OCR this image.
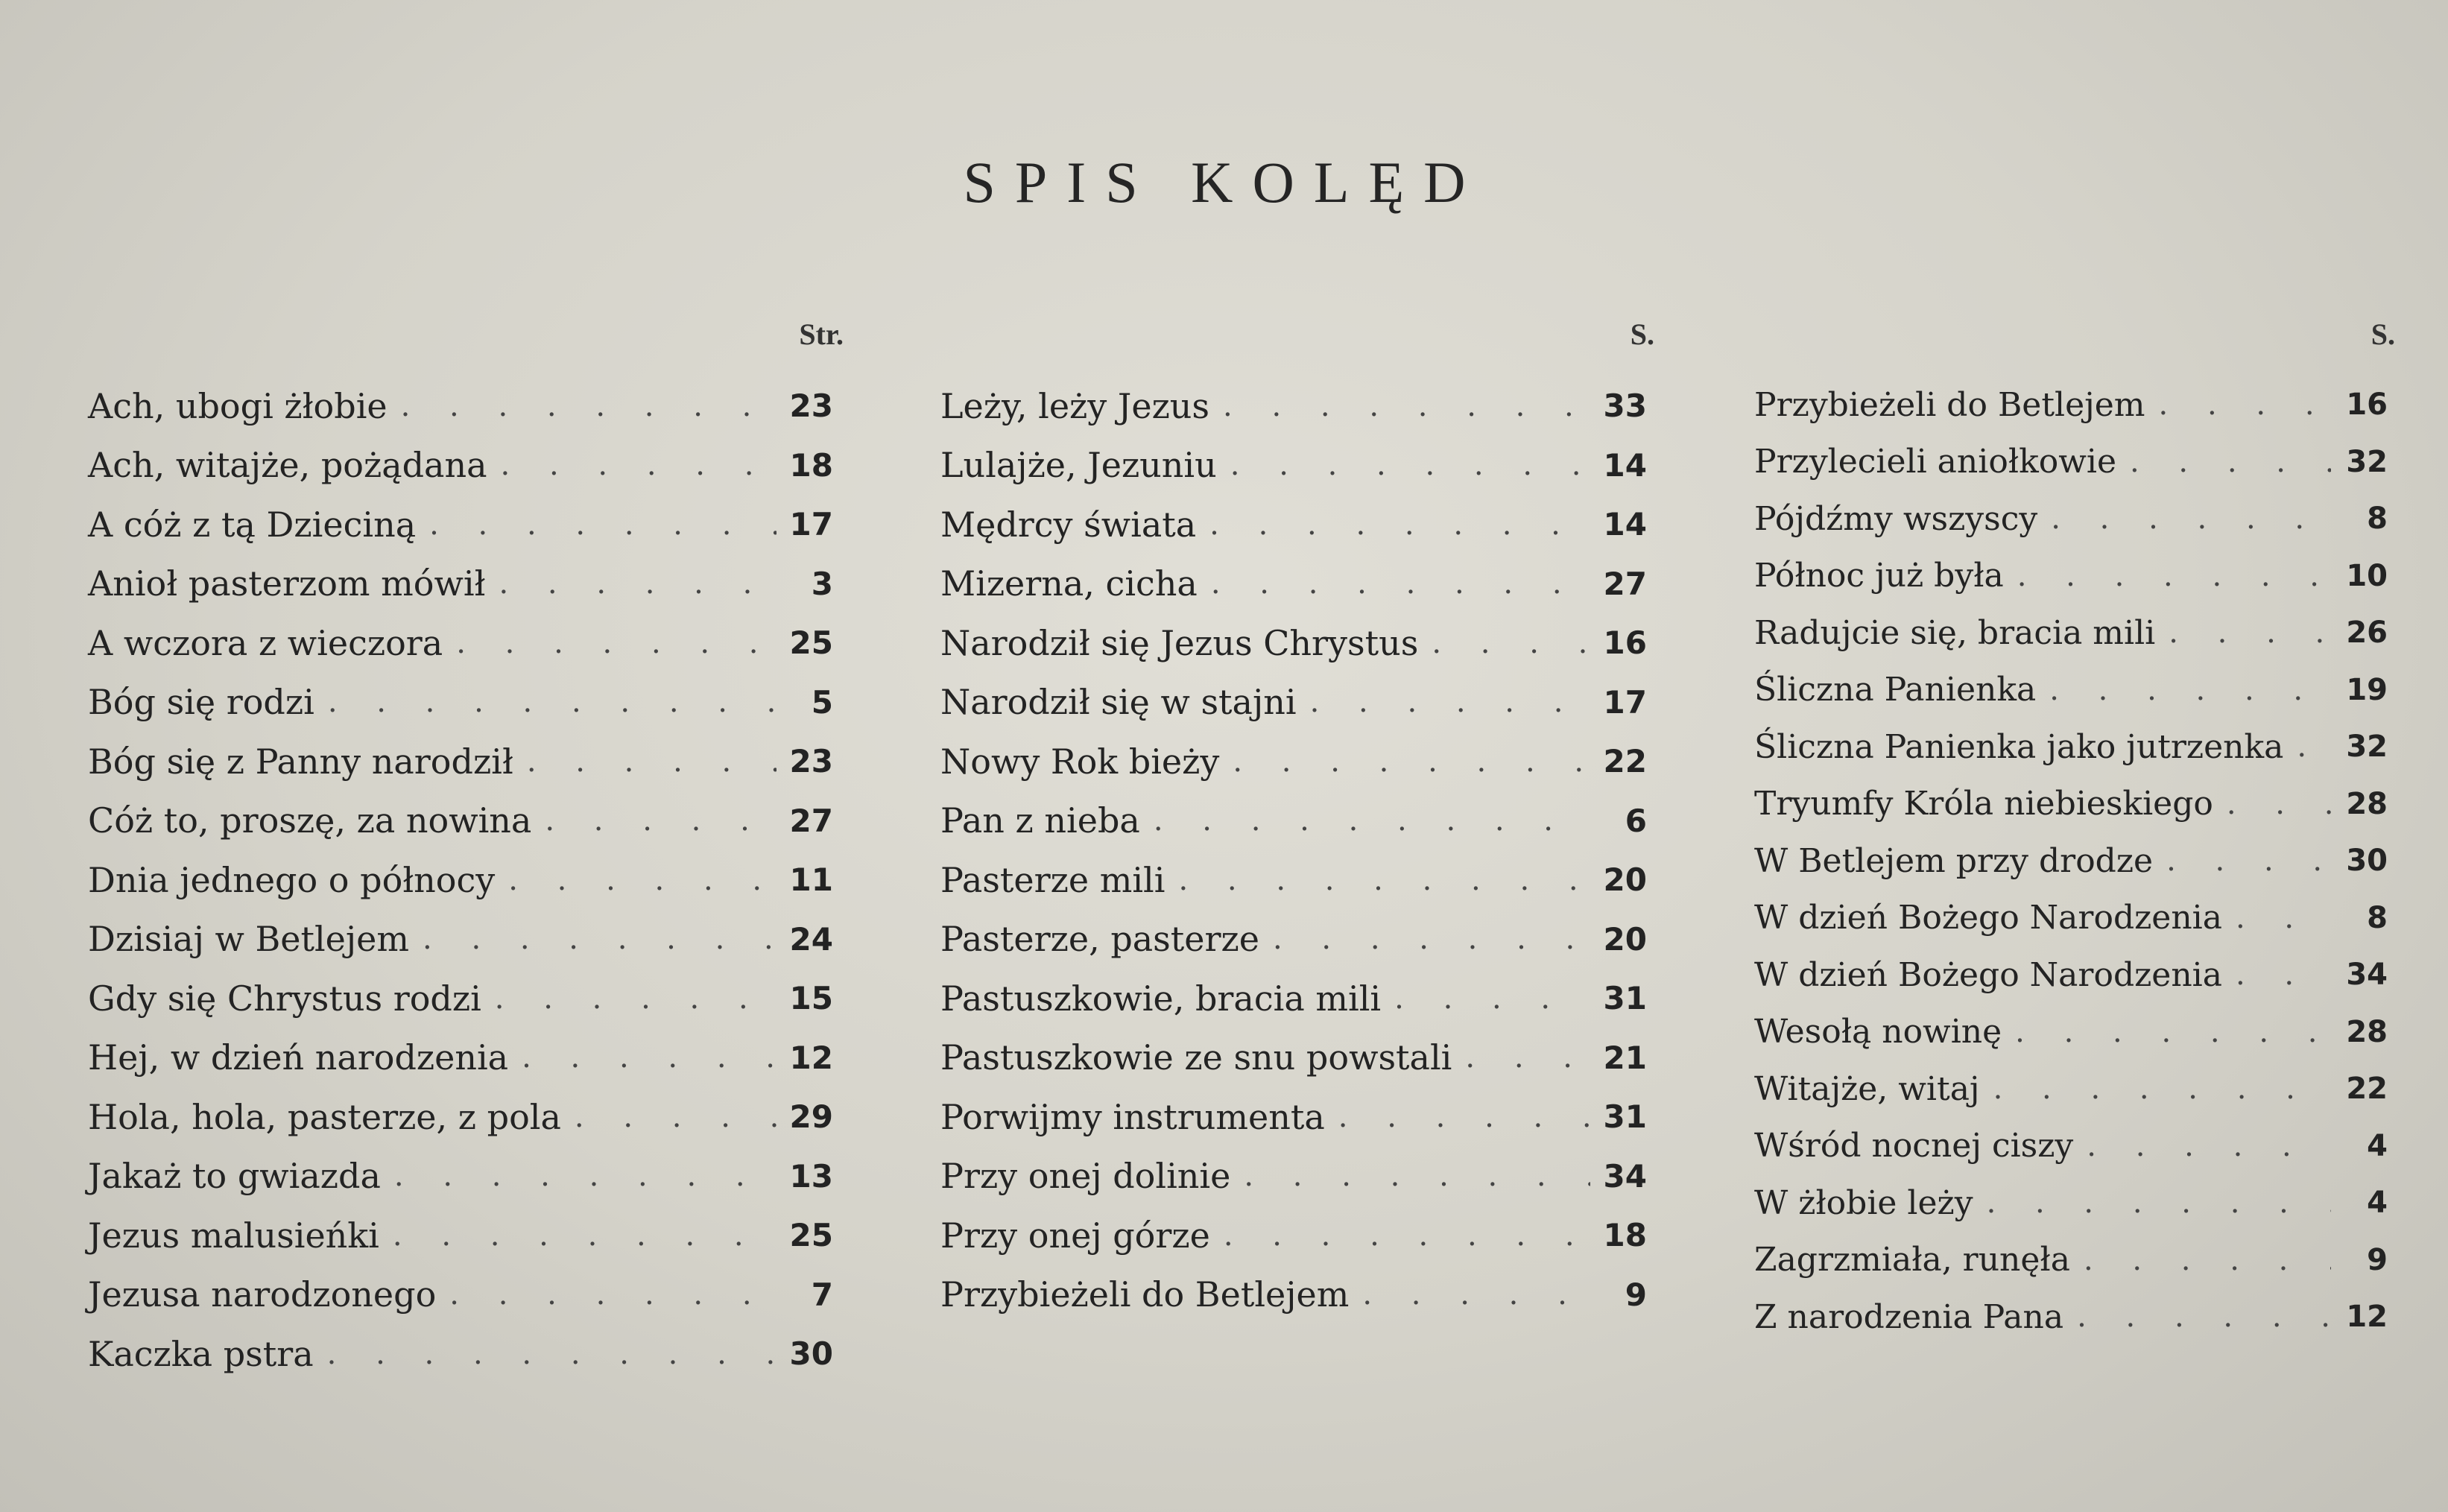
SPIS KOLĘD
Str.
Ach, ubogi żłobie . . .	23
Ach, witajże, pożądana . . .	18
A cóż z tą Dzieciną . . .	17
Anioł pasterzom mówił . . .	3
A wczora z wieczora . . .	25
Bóg się rodzi . . .	5
Bóg się z Panny narodził . . .	23
Cóż to, proszę, za nowina . . .	27
Dnia jednego o północy . . .	11
Dzisiaj w Betlejem . . .	24
Gdy się Chrystus rodzi . . .	15
Hej, w dzień narodzenia . . .	12
Hola, hola, pasterze, z pola . . .	29
Jakaż to gwiazda . . .	13
Jezus malusieńki . . .	25
Jezusa narodzonego . . .	7
Kaczka pstra . . .	30
S.
Leży, leży Jezus . . .	33
Lulajże, Jezuniu . . .	14
Mędrcy świata . . .	14
Mizerna, cicha . . .	27
Narodził się Jezus Chrystus . . .	16
Narodził się w stajni . . .	17
Nowy Rok bieży . . .	22
Pan z nieba . . .	6
Pasterze mili . . .	20
Pasterze, pasterze . . .	20
Pastuszkowie, bracia mili . . .	31
Pastuszkowie ze snu powstali . . .	21
Porwijmy instrumenta . . .	31
Przy onej dolinie . . .	34
Przy onej górze . . .	18
Przybieżeli do Betlejem . . .	9
S.
Przybieżeli do Betlejem . . .	16
Przylecieli aniołkowie . . .	32
Pójdźmy wszyscy . . .	8
Północ już była . . .	10
Radujcie się, bracia mili . . .	26
Śliczna Panienka . . .	19
Śliczna Panienka jako jutrzenka . . . 32
Tryumfy Króla niebieskiego . . .	28
W Betlejem przy drodze . . .	30
W dzień Bożego Narodzenia . . .	8
W dzień Bożego Narodzenia . . .	34
Wesołą nowinę . . .	28
Witajże, witaj . . .	22
Wśród nocnej ciszy . . .	4
W żłobie leży . . .	4
Zagrzmiała, runęła . . .	9
Z narodzenia Pana . . .	12
